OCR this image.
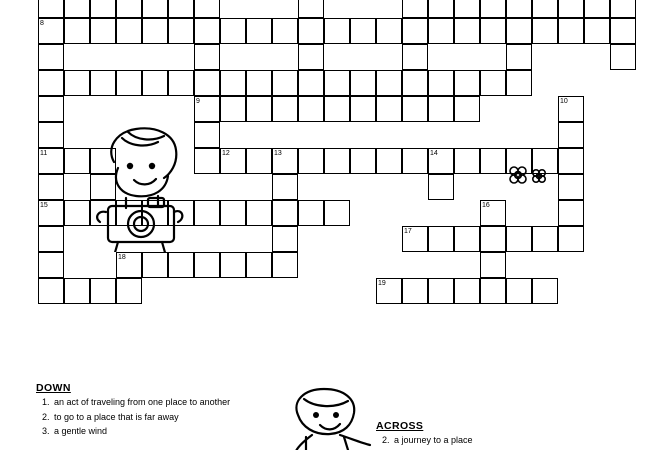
8
9	10
11	12	13	14
15	16
17
18
19
DOWN
1. an act of traveling from one place to another
2. to go to a place that is far away
3. a gentle wind	ACROSS
2. a journey to a place
